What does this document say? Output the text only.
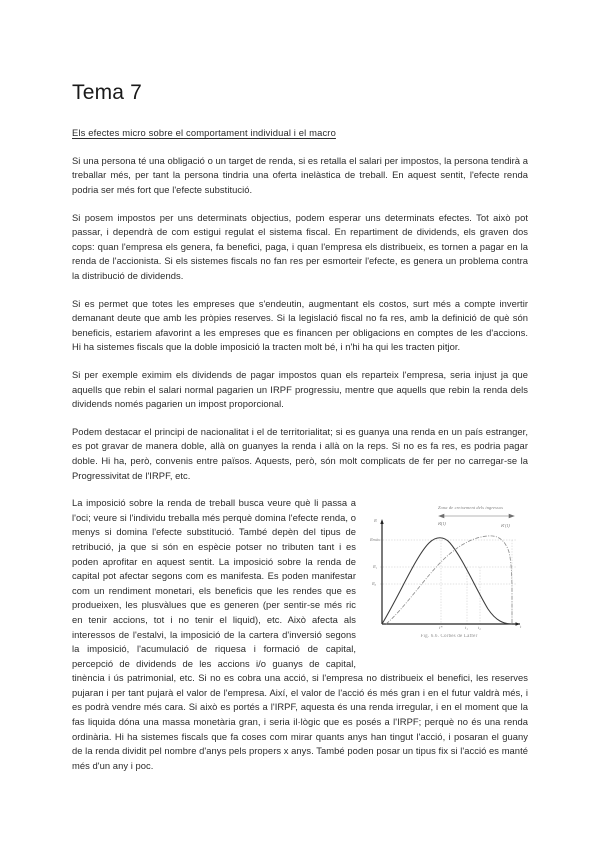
Tema 7
Els efectes micro sobre el comportament individual i el macro

Si una persona té una obligació o un target de renda, si es retalla el salari per impostos, la persona tendirà a treballar més, per tant la persona tindria una oferta inelàstica de treball. En aquest sentit, l'efecte renda podria ser més fort que l'efecte substitució.

Si posem impostos per uns determinats objectius, podem esperar uns determinats efectes. Tot això pot passar, i dependrà de com estigui regulat el sistema fiscal. En repartiment de dividends, els graven dos cops: quan l'empresa els genera, fa benefici, paga, i quan l'empresa els distribueix, es tornen a pagar en la renda de l'accionista. Si els sistemes fiscals no fan res per esmorteir l'efecte, es genera un problema contra la distribució de dividends.

Si es permet que totes les empreses que s'endeutin, augmentant els costos, surt més a compte invertir demanant deute que amb les pròpies reserves. Si la legislació fiscal no fa res, amb la definició de què són beneficis, estariem afavorint a les empreses que es financen per obligacions en comptes de les d'accions. Hi ha sistemes fiscals que la doble imposició la tracten molt bé, i n'hi ha qui les tracten pitjor.

Si per exemple eximim els dividends de pagar impostos quan els reparteix l'empresa, seria injust ja que aquells que rebin el salari normal pagarien un IRPF progressiu, mentre que aquells que rebin la renda dels dividends només pagarien un impost proporcional.

Podem destacar el principi de nacionalitat i el de territorialitat; si es guanya una renda en un país estranger, es pot gravar de manera doble, allà on guanyes la renda i allà on la reps. Si no es fa res, es podria pagar doble. Hi ha, però, convenis entre països. Aquests, però, són molt complicats de fer per no carregar-se la Progressivitat de l'IRPF, etc.

Zona de creixement dels ingressos
R(t)	R'(t)
Rmàx
R₁
R₀
t*	t₁ t₂
R
t
Fig. 6.6. Corbes de Laffer

La imposició sobre la renda de treball busca veure què li passa a l'oci; veure si l'individu treballa més perquè domina l'efecte renda, o menys si domina l'efecte substitució. També depèn del tipus de retribució, ja que si són en espècie potser no tributen tant i es poden aprofitar en aquest sentit. La imposició sobre la renda de capital pot afectar segons com es manifesta. Es poden manifestar com un rendiment monetari, els beneficis que les rendes que es produeixen, les plusvàlues que es generen (per sentir-se més ric en tenir accions, tot i no tenir el liquid), etc. Això afecta als interessos de l'estalvi, la imposició de la cartera d'inversió segons la imposició, l'acumulació de riquesa i formació de capital, percepció de dividends de les accions i/o guanys de capital, tinència i ús patrimonial, etc. Si no es cobra una acció, si l'empresa no distribueix el benefici, les reserves pujaran i per tant pujarà el valor de l'empresa. Així, el valor de l'acció és més gran i en el futur valdrà més, i es podrà vendre més cara. Si això es portés a l'IRPF, aquesta és una renda irregular, i en el moment que la fas liquida dóna una massa monetària gran, i seria il·lògic que es posés a l'IRPF; perquè no és una renda ordinària. Hi ha sistemes fiscals que fa coses com mirar quants anys han tingut l'acció, i posaran el guany de la renda dividit pel nombre d'anys pels propers x anys. També poden posar un tipus fix si l'acció es manté més d'un any i poc.
